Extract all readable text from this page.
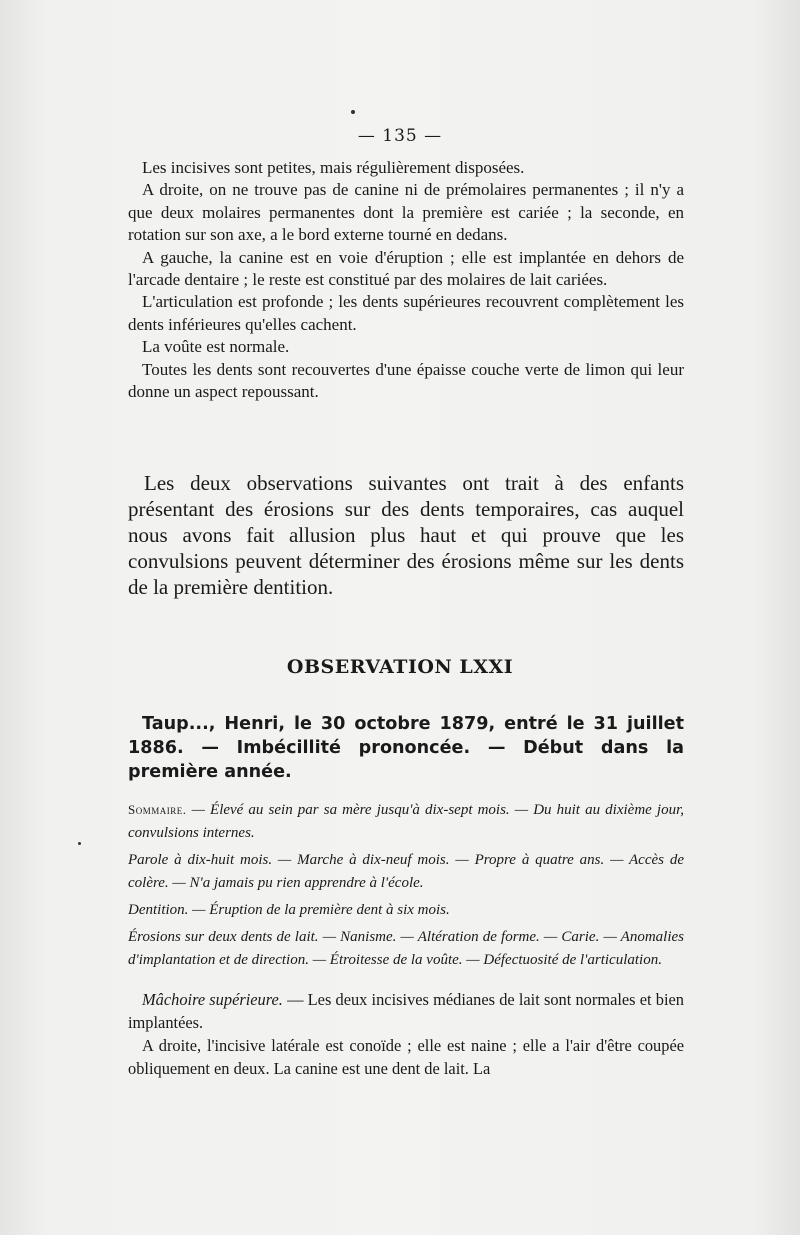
— 135 —

Les incisives sont petites, mais régulièrement disposées.

A droite, on ne trouve pas de canine ni de prémolaires permanentes ; il n'y a que deux molaires permanentes dont la première est cariée ; la seconde, en rotation sur son axe, a le bord externe tourné en dedans.

A gauche, la canine est en voie d'éruption ; elle est implantée en dehors de l'arcade dentaire ; le reste est constitué par des molaires de lait cariées.

L'articulation est profonde ; les dents supérieures recouvrent complètement les dents inférieures qu'elles cachent.

La voûte est normale.

Toutes les dents sont recouvertes d'une épaisse couche verte de limon qui leur donne un aspect repoussant.

Les deux observations suivantes ont trait à des enfants présentant des érosions sur des dents temporaires, cas auquel nous avons fait allusion plus haut et qui prouve que les convulsions peuvent déterminer des érosions même sur les dents de la première dentition.

OBSERVATION LXXI
Taup..., Henri, le 30 octobre 1879, entré le 31 juillet 1886. — Imbécillité prononcée. — Début dans la première année.

Sommaire. — Élevé au sein par sa mère jusqu'à dix-sept mois. — Du huit au dixième jour, convulsions internes.

Parole à dix-huit mois. — Marche à dix-neuf mois. — Propre à quatre ans. — Accès de colère. — N'a jamais pu rien apprendre à l'école.

Dentition. — Éruption de la première dent à six mois.

Érosions sur deux dents de lait. — Nanisme. — Altération de forme. — Carie. — Anomalies d'implantation et de direction. — Étroitesse de la voûte. — Défectuosité de l'articulation.

Mâchoire supérieure. — Les deux incisives médianes de lait sont normales et bien implantées.

A droite, l'incisive latérale est conoïde ; elle est naine ; elle a l'air d'être coupée obliquement en deux. La canine est une dent de lait. La
